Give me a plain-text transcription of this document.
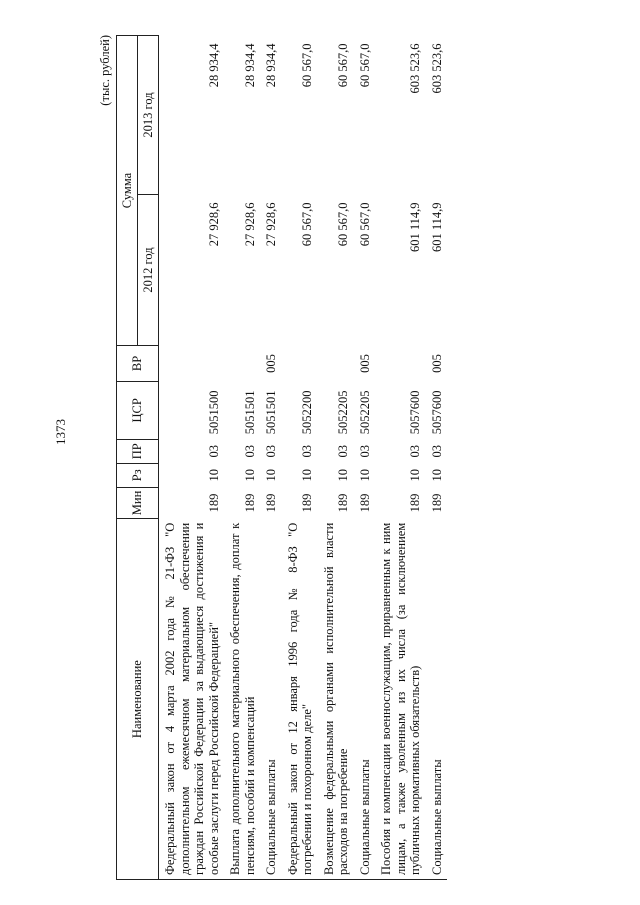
1373
(тыс. рублей)
Наименование	Мин	Рз	ПР	ЦСР	ВР	Сумма	
						2012 год	2013 год
Федеральный закон от 4 марта 2002 года № 21-ФЗ "О дополнительном ежемесячном материальном обеспечении граждан Российской Федерации за выдающиеся достижения и особые заслуги перед Российской Федерацией"	189	10	03	5051500		27 928,6	28 934,4
Выплата дополнительного материального обеспечения, доплат к пенсиям, пособий и компенсаций	189	10	03	5051501		27 928,6	28 934,4
Социальные выплаты	189	10	03	5051501	005	27 928,6	28 934,4
Федеральный закон от 12 января 1996 года № 8-ФЗ "О погребении и похоронном деле"	189	10	03	5052200		60 567,0	60 567,0
Возмещение федеральными органами исполнительной власти расходов на погребение	189	10	03	5052205		60 567,0	60 567,0
Социальные выплаты	189	10	03	5052205	005	60 567,0	60 567,0
Пособия и компенсации военнослужащим, приравненным к ним лицам, а также уволенным из их числа (за исключением публичных нормативных обязательств)	189	10	03	5057600		601 114,9	603 523,6
Социальные выплаты	189	10	03	5057600	005	601 114,9	603 523,6
